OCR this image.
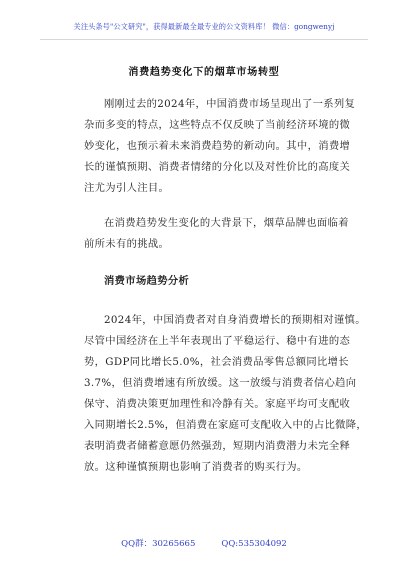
关注头条号"公文研究"，获得最新最全最专业的公文资料库！ 微信：gongwenyj
消费趋势变化下的烟草市场转型
刚刚过去的2024年，中国消费市场呈现出了一系列复
杂而多变的特点，这些特点不仅反映了当前经济环境的微
妙变化，也预示着未来消费趋势的新动向。其中，消费增
长的谨慎预期、消费者情绪的分化以及对性价比的高度关
注尤为引人注目。
在消费趋势发生变化的大背景下，烟草品牌也面临着
前所未有的挑战。
消费市场趋势分析
2024年，中国消费者对自身消费增长的预期相对谨慎。
尽管中国经济在上半年表现出了平稳运行、稳中有进的态
势，GDP同比增长5.0%，社会消费品零售总额同比增长
3.7%，但消费增速有所放缓。这一放缓与消费者信心趋向
保守、消费决策更加理性和冷静有关。家庭平均可支配收
入同期增长2.5%，但消费在家庭可支配收入中的占比微降，
表明消费者储蓄意愿仍然强劲，短期内消费潜力未完全释
放。这种谨慎预期也影响了消费者的购买行为。
QQ群：30265665	QQ:535304092
